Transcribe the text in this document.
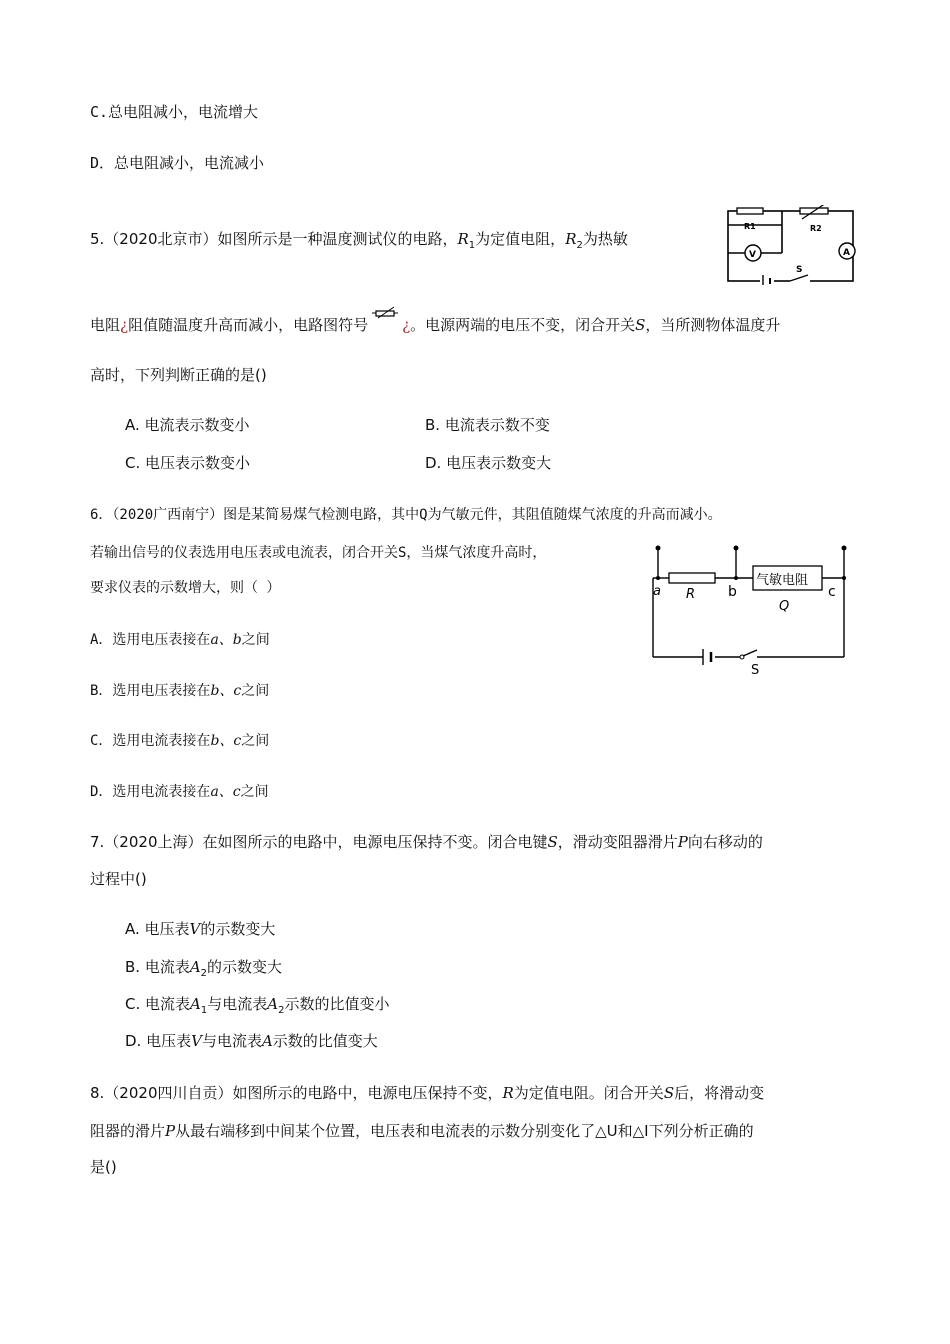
C.总电阻减小，电流增大
D．总电阻减小，电流减小
5.（2020北京市）如图所示是一种温度测试仪的电路，$R_1$为定值电阻，$R_2$为热敏
R1	R2
V	A
S
电阻¿阻值随温度升高而减小，电路图符号 ¿。电源两端的电压不变，闭合开关S，当所测物体温度升
高时，下列判断正确的是()
A. 电流表示数变小	B. 电流表示数不变
C. 电压表示数变小	D. 电压表示数变大
6．（2020广西南宁）图是某简易煤气检测电路，其中Q为气敏元件，其阻值随煤气浓度的升高而减小。
若输出信号的仪表选用电压表或电流表，闭合开关S，当煤气浓度升高时，
要求仪表的示数增大，则（ ）	气敏电阻
a R b
Q
c
S
A．选用电压表接在a、b之间
B．选用电压表接在b、c之间
C．选用电流表接在b、c之间
D．选用电流表接在a、c之间
7.（2020上海）在如图所示的电路中，电源电压保持不变。闭合电键S，滑动变阻器滑片P向右移动的
过程中()
A. 电压表V的示数变大
B. 电流表$A_2$的示数变大
C. 电流表$A_1$与电流表$A_2$示数的比值变小
D. 电压表V与电流表A示数的比值变大
8.（2020四川自贡）如图所示的电路中，电源电压保持不变，R为定值电阻。闭合开关S后，将滑动变
阻器的滑片P从最右端移到中间某个位置，电压表和电流表的示数分别变化了△U和△I下列分析正确的
是()
